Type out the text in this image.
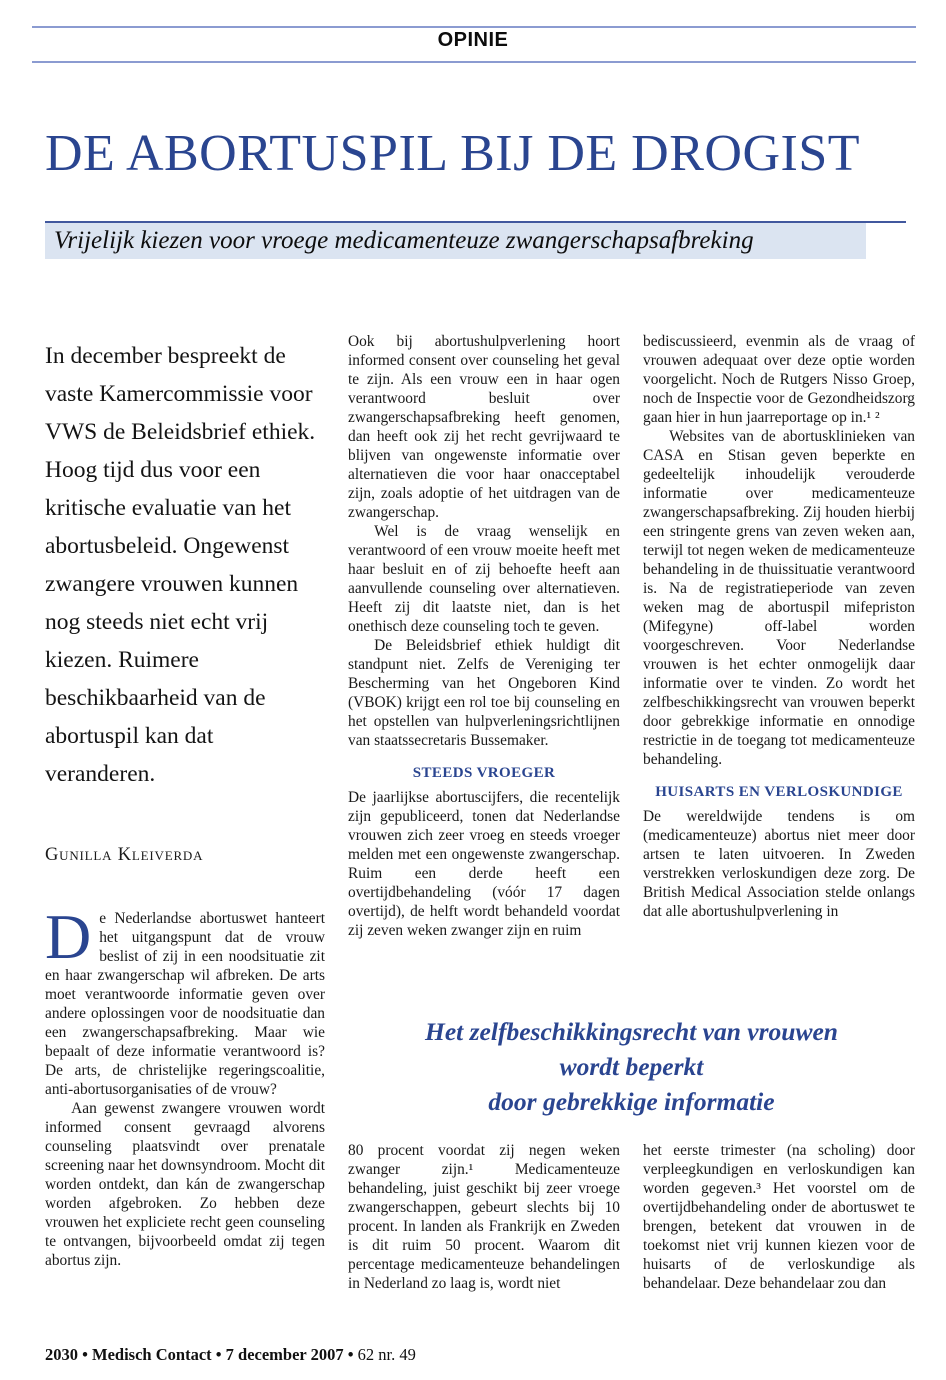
OPINIE
DE ABORTUSPIL BIJ DE DROGIST
Vrijelijk kiezen voor vroege medicamenteuze zwangerschapsafbreking

In december bespreekt de vaste Kamercommissie voor VWS de Beleidsbrief ethiek. Hoog tijd dus voor een kritische evaluatie van het abortusbeleid. Ongewenst zwangere vrouwen kunnen nog steeds niet echt vrij kiezen. Ruimere beschikbaarheid van de abortuspil kan dat veranderen.

Gunilla Kleiverda

De Nederlandse abortuswet hanteert het uitgangspunt dat de vrouw beslist of zij in een noodsituatie zit en haar zwangerschap wil afbreken. De arts moet verantwoorde informatie geven over andere oplossingen voor de noodsituatie dan een zwangerschapsafbreking. Maar wie bepaalt of deze informatie verantwoord is? De arts, de christelijke regeringscoalitie, anti-abortusorganisaties of de vrouw?

Aan gewenst zwangere vrouwen wordt informed consent gevraagd alvorens counseling plaatsvindt over prenatale screening naar het downsyndroom. Mocht dit worden ontdekt, dan kán de zwangerschap worden afgebroken. Zo hebben deze vrouwen het expliciete recht geen counseling te ontvangen, bijvoorbeeld omdat zij tegen abortus zijn.

Ook bij abortushulpverlening hoort informed consent over counseling het geval te zijn. Als een vrouw een in haar ogen verantwoord besluit over zwangerschapsafbreking heeft genomen, dan heeft ook zij het recht gevrijwaard te blijven van ongewenste informatie over alternatieven die voor haar onacceptabel zijn, zoals adoptie of het uitdragen van de zwangerschap.

Wel is de vraag wenselijk en verantwoord of een vrouw moeite heeft met haar besluit en of zij behoefte heeft aan aanvullende counseling over alternatieven. Heeft zij dit laatste niet, dan is het onethisch deze counseling toch te geven.

De Beleidsbrief ethiek huldigt dit standpunt niet. Zelfs de Vereniging ter Bescherming van het Ongeboren Kind (VBOK) krijgt een rol toe bij counseling en het opstellen van hulpverleningsrichtlijnen van staatssecretaris Bussemaker.

STEEDS VROEGER

De jaarlijkse abortuscijfers, die recentelijk zijn gepubliceerd, tonen dat Nederlandse vrouwen zich zeer vroeg en steeds vroeger melden met een ongewenste zwangerschap. Ruim een derde heeft een overtijdbehandeling (vóór 17 dagen overtijd), de helft wordt behandeld voordat zij zeven weken zwanger zijn en ruim

bediscussieerd, evenmin als de vraag of vrouwen adequaat over deze optie worden voorgelicht. Noch de Rutgers Nisso Groep, noch de Inspectie voor de Gezondheidszorg gaan hier in hun jaarreportage op in.¹ ²

Websites van de abortusklinieken van CASA en Stisan geven beperkte en gedeeltelijk inhoudelijk verouderde informatie over medicamenteuze zwangerschapsafbreking. Zij houden hierbij een stringente grens van zeven weken aan, terwijl tot negen weken de medicamenteuze behandeling in de thuissituatie verantwoord is. Na de registratieperiode van zeven weken mag de abortuspil mifepriston (Mifegyne) off-label worden voorgeschreven. Voor Nederlandse vrouwen is het echter onmogelijk daar informatie over te vinden. Zo wordt het zelfbeschikkingsrecht van vrouwen beperkt door gebrekkige informatie en onnodige restrictie in de toegang tot medicamenteuze behandeling.

HUISARTS EN VERLOSKUNDIGE

De wereldwijde tendens is om (medicamenteuze) abortus niet meer door artsen te laten uitvoeren. In Zweden verstrekken verloskundigen deze zorg. De British Medical Association stelde onlangs dat alle abortushulpverlening in

Het zelfbeschikkingsrecht van vrouwen
wordt beperkt
door gebrekkige informatie

80 procent voordat zij negen weken zwanger zijn.¹ Medicamenteuze behandeling, juist geschikt bij zeer vroege zwangerschappen, gebeurt slechts bij 10 procent. In landen als Frankrijk en Zweden is dit ruim 50 procent. Waarom dit percentage medicamenteuze behandelingen in Nederland zo laag is, wordt niet

het eerste trimester (na scholing) door verpleegkundigen en verloskundigen kan worden gegeven.³ Het voorstel om de overtijdbehandeling onder de abortuswet te brengen, betekent dat vrouwen in de toekomst niet vrij kunnen kiezen voor de huisarts of de verloskundige als behandelaar. Deze behandelaar zou dan

2030 • Medisch Contact • 7 december 2007 • 62 nr. 49
